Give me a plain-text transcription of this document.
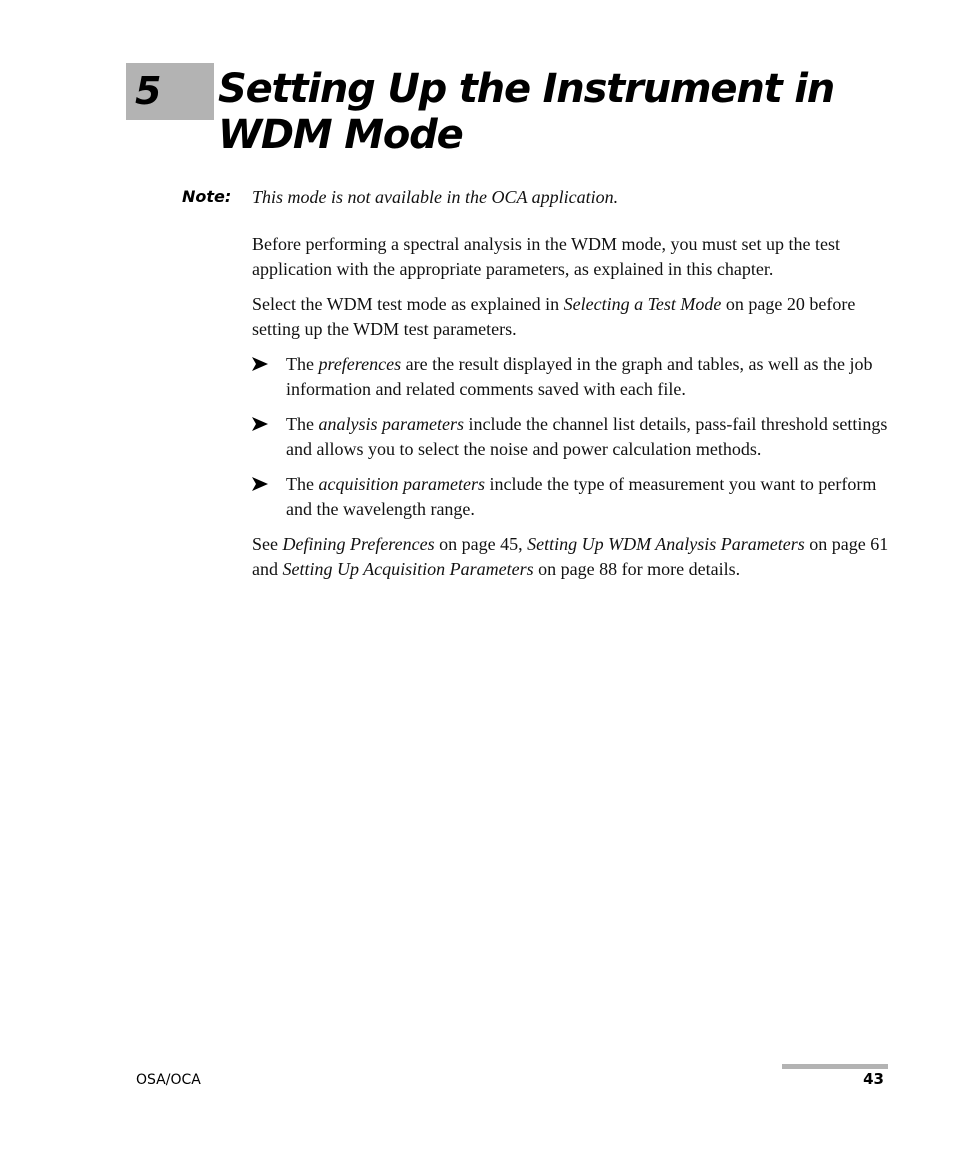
5 Setting Up the Instrument in WDM Mode
Note: This mode is not available in the OCA application.

Before performing a spectral analysis in the WDM mode, you must set up the test application with the appropriate parameters, as explained in this chapter.

Select the WDM test mode as explained in Selecting a Test Mode on page 20 before setting up the WDM test parameters.

The preferences are the result displayed in the graph and tables, as well as the job information and related comments saved with each file.
The analysis parameters include the channel list details, pass-fail threshold settings and allows you to select the noise and power calculation methods.
The acquisition parameters include the type of measurement you want to perform and the wavelength range.

See Defining Preferences on page 45, Setting Up WDM Analysis Parameters on page 61 and Setting Up Acquisition Parameters on page 88 for more details.

OSA/OCA	43
